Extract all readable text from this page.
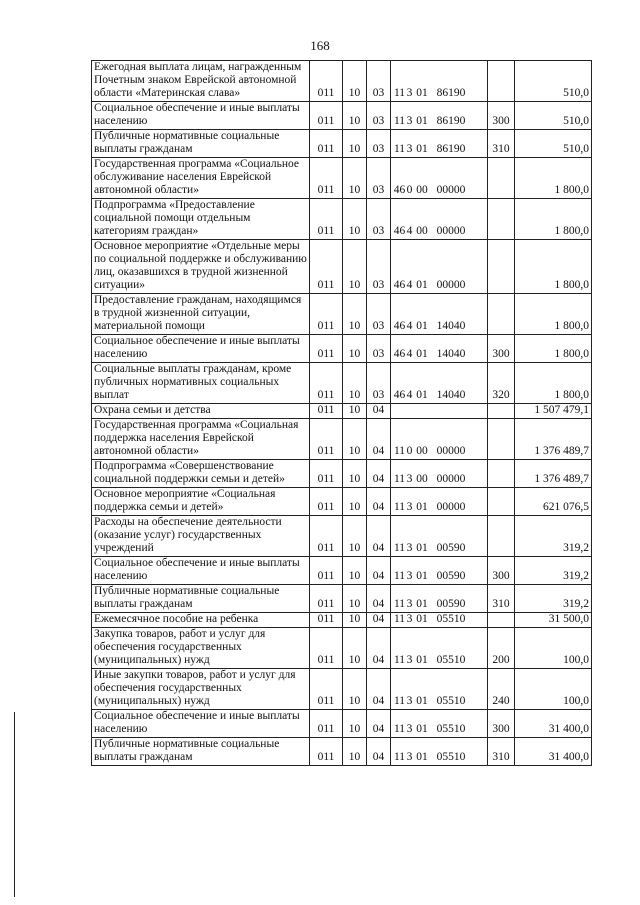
168
Ежегодная выплата лицам, награжденным Почетным знаком Еврейской автономной области «Материнская слава»	011	10	03	11 3 01 86190		510,0
Социальное обеспечение и иные выплаты населению	011	10	03	11 3 01 86190	300	510,0
Публичные нормативные социальные выплаты гражданам	011	10	03	11 3 01 86190	310	510,0
Государственная программа «Социальное обслуживание населения Еврейской автономной области»	011	10	03	460 00 00000		1 800,0
Подпрограмма «Предоставление социальной помощи отдельным категориям граждан»	011	10	03	464 00 00000		1 800,0
Основное мероприятие «Отдельные меры по социальной поддержке и обслуживанию лиц, оказавшихся в трудной жизненной ситуации»	011	10	03	464 01 00000		1 800,0
Предоставление гражданам, находящимся в трудной жизненной ситуации, материальной помощи	011	10	03	464 01 14040		1 800,0
Социальное обеспечение и иные выплаты населению	011	10	03	464 01 14040	300	1 800,0
Социальные выплаты гражданам, кроме публичных нормативных социальных выплат	011	10	03	464 01 14040	320	1 800,0
Охрана семьи и детства	011	10	04			1 507 479,1
Государственная программа «Социальная поддержка населения Еврейской автономной области»	011	10	04	11 0 00 00000		1 376 489,7
Подпрограмма «Совершенствование социальной поддержки семьи и детей»	011	10	04	11 3 00 00000		1 376 489,7
Основное мероприятие «Социальная поддержка семьи и детей»	011	10	04	11 3 01 00000		621 076,5
Расходы на обеспечение деятельности (оказание услуг) государственных учреждений	011	10	04	11 3 01 00590		319,2
Социальное обеспечение и иные выплаты населению	011	10	04	11 3 01 00590	300	319,2
Публичные нормативные социальные выплаты гражданам	011	10	04	11 3 01 00590	310	319,2
Ежемесячное пособие на ребенка	011	10	04	11 3 01 05510		31 500,0
Закупка товаров, работ и услуг для обеспечения государственных (муниципальных) нужд	011	10	04	11 3 01 05510	200	100,0
Иные закупки товаров, работ и услуг для обеспечения государственных (муниципальных) нужд	011	10	04	11 3 01 05510	240	100,0
Социальное обеспечение и иные выплаты населению	011	10	04	11 3 01 05510	300	31 400,0
Публичные нормативные социальные выплаты гражданам	011	10	04	11 3 01 05510	310	31 400,0
